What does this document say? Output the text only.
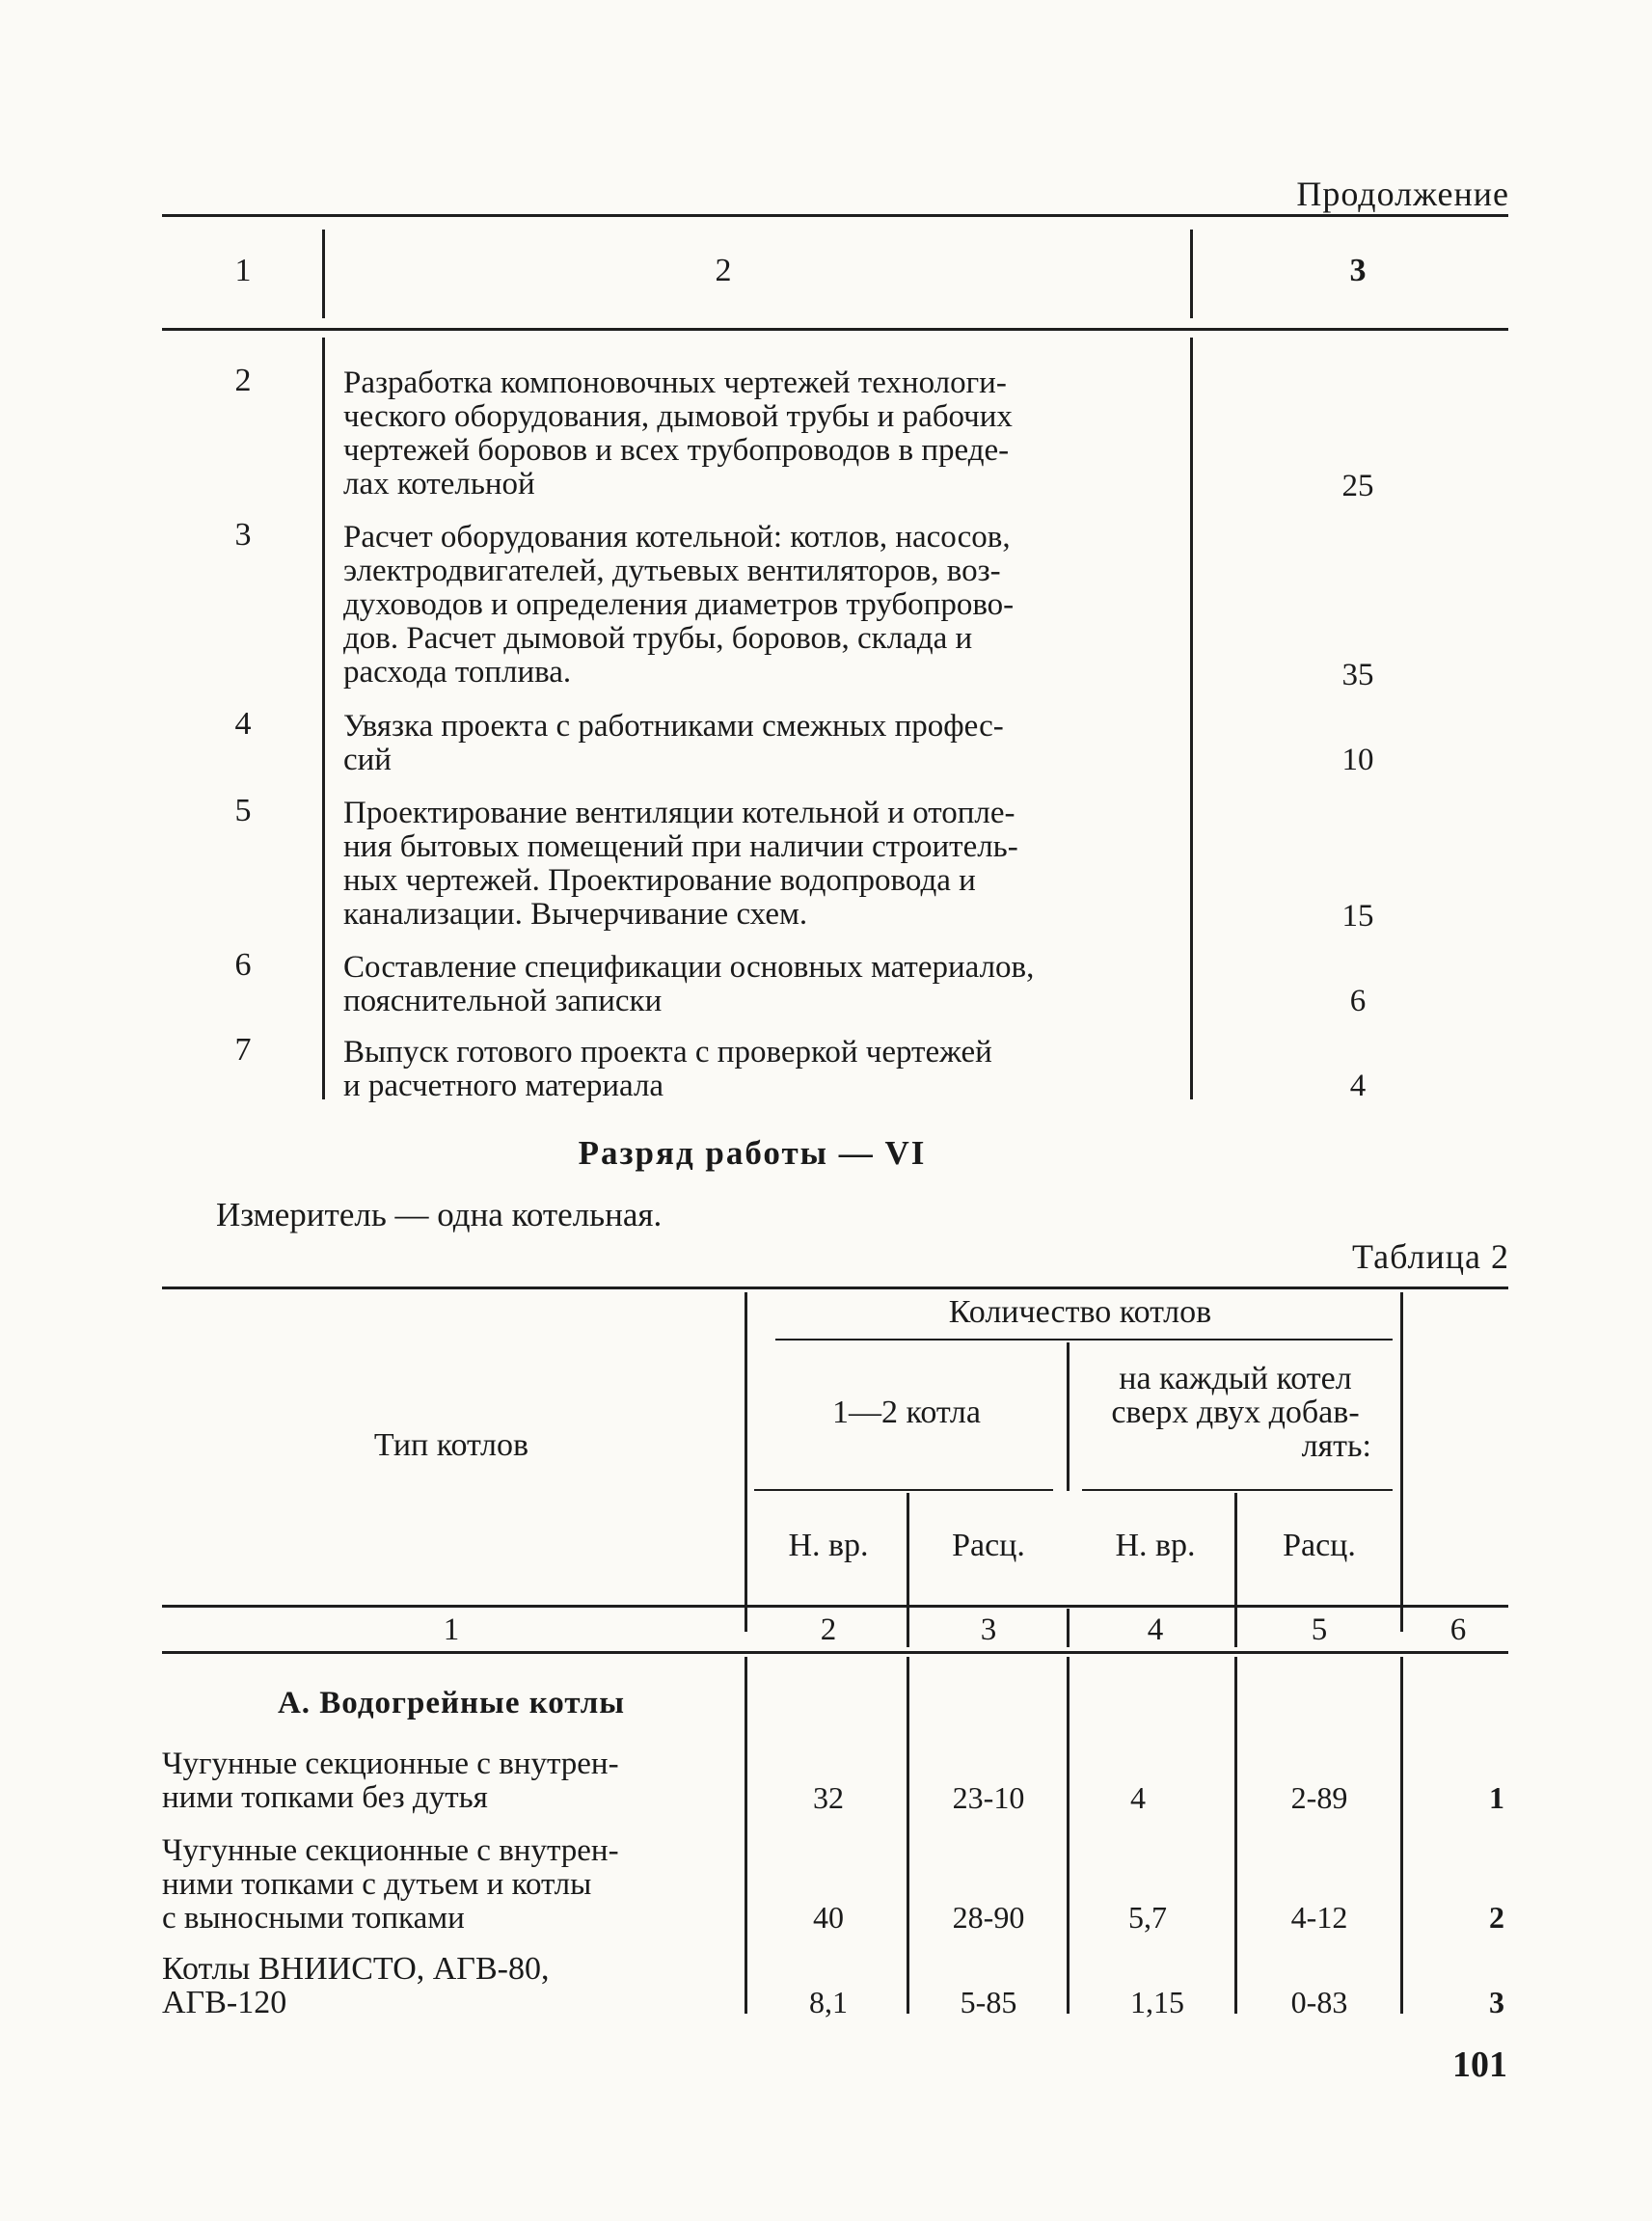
Продолжение
1	2	3
2	Разработка компоновочных чертежей технологи-
ческого оборудования, дымовой трубы и рабочих
чертежей боровов и всех трубопроводов в преде-
лах котельной	25
3	Расчет оборудования котельной: котлов, насосов,
электродвигателей, дутьевых вентиляторов, воз-
духоводов и определения диаметров трубопрово-
дов. Расчет дымовой трубы, боровов, склада и
расхода топлива.	35
4	Увязка проекта с работниками смежных профес-
сий	10
5	Проектирование вентиляции котельной и отопле-
ния бытовых помещений при наличии строитель-
ных чертежей. Проектирование водопровода и
канализации. Вычерчивание схем.	15
6	Составление спецификации основных материалов,
пояснительной записки	6
7	Выпуск готового проекта с проверкой чертежей
и расчетного материала	4
Разряд работы — VI
Измеритель — одна котельная.
Таблица 2
Количество котлов
1—2 котла
на каждый котел
сверх двух добав-
лять:
Н. вр.	Расц.	Н. вр.	Расц.
Тип котлов
1	2	3	4	5	6
А. Водогрейные котлы
Чугунные секционные с внутрен-
ними топками без дутья	32	23-10	4	2-89	1
Чугунные секционные с внутрен-
ними топками с дутьем и котлы
с выносными топками	40	28-90	5,7	4-12	2
Котлы ВНИИСТО, АГВ-80,
АГВ-120	8,1	5-85	1,15	0-83	3
101
